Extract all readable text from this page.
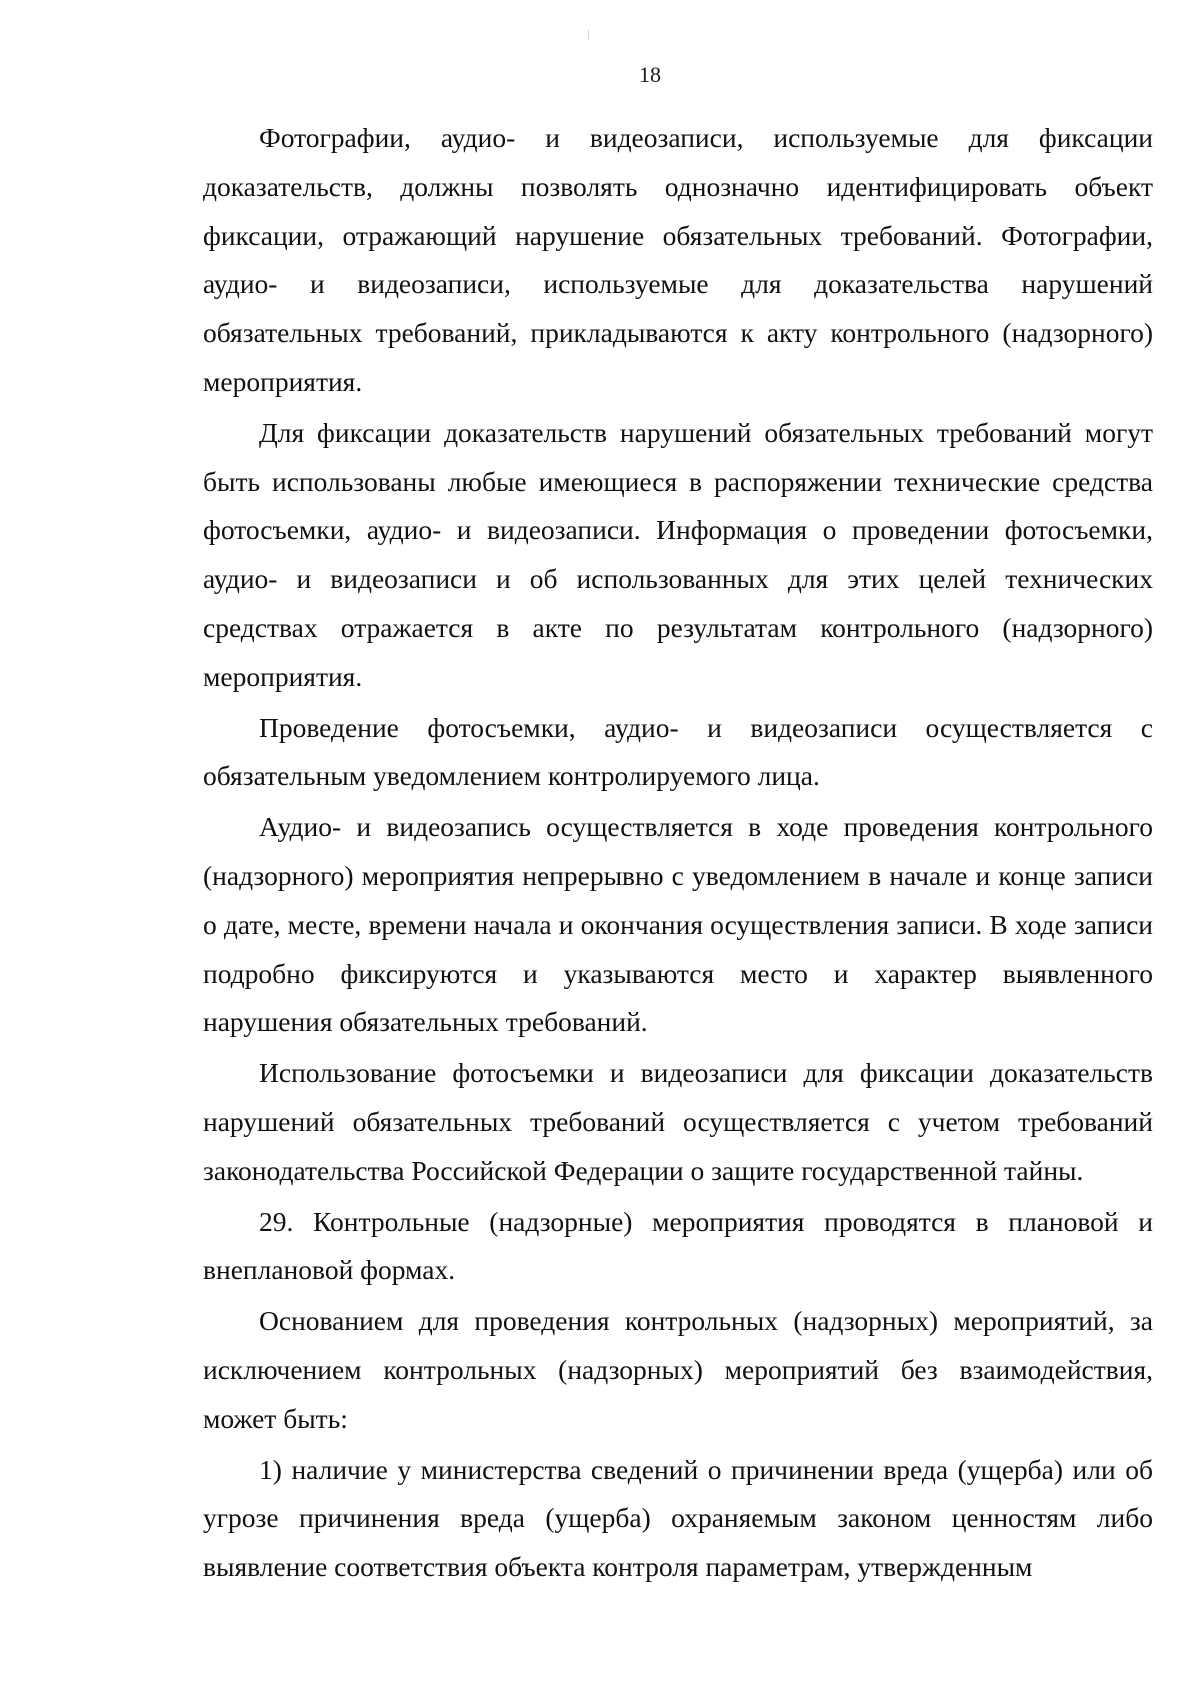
18

Фотографии, аудио- и видеозаписи, используемые для фиксации доказательств, должны позволять однозначно идентифицировать объект фиксации, отражающий нарушение обязательных требований. Фотографии, аудио- и видеозаписи, используемые для доказательства нарушений обязательных требований, прикладываются к акту контрольного (надзорного) мероприятия.

Для фиксации доказательств нарушений обязательных требований могут быть использованы любые имеющиеся в распоряжении технические средства фотосъемки, аудио- и видеозаписи. Информация о проведении фотосъемки, аудио- и видеозаписи и об использованных для этих целей технических средствах отражается в акте по результатам контрольного (надзорного) мероприятия.

Проведение фотосъемки, аудио- и видеозаписи осуществляется с обязательным уведомлением контролируемого лица.

Аудио- и видеозапись осуществляется в ходе проведения контрольного (надзорного) мероприятия непрерывно с уведомлением в начале и конце записи о дате, месте, времени начала и окончания осуществления записи. В ходе записи подробно фиксируются и указываются место и характер выявленного нарушения обязательных требований.

Использование фотосъемки и видеозаписи для фиксации доказательств нарушений обязательных требований осуществляется с учетом требований законодательства Российской Федерации о защите государственной тайны.

29. Контрольные (надзорные) мероприятия проводятся в плановой и внеплановой формах.

Основанием для проведения контрольных (надзорных) мероприятий, за исключением контрольных (надзорных) мероприятий без взаимодействия, может быть:

1) наличие у министерства сведений о причинении вреда (ущерба) или об угрозе причинения вреда (ущерба) охраняемым законом ценностям либо выявление соответствия объекта контроля параметрам, утвержденным
